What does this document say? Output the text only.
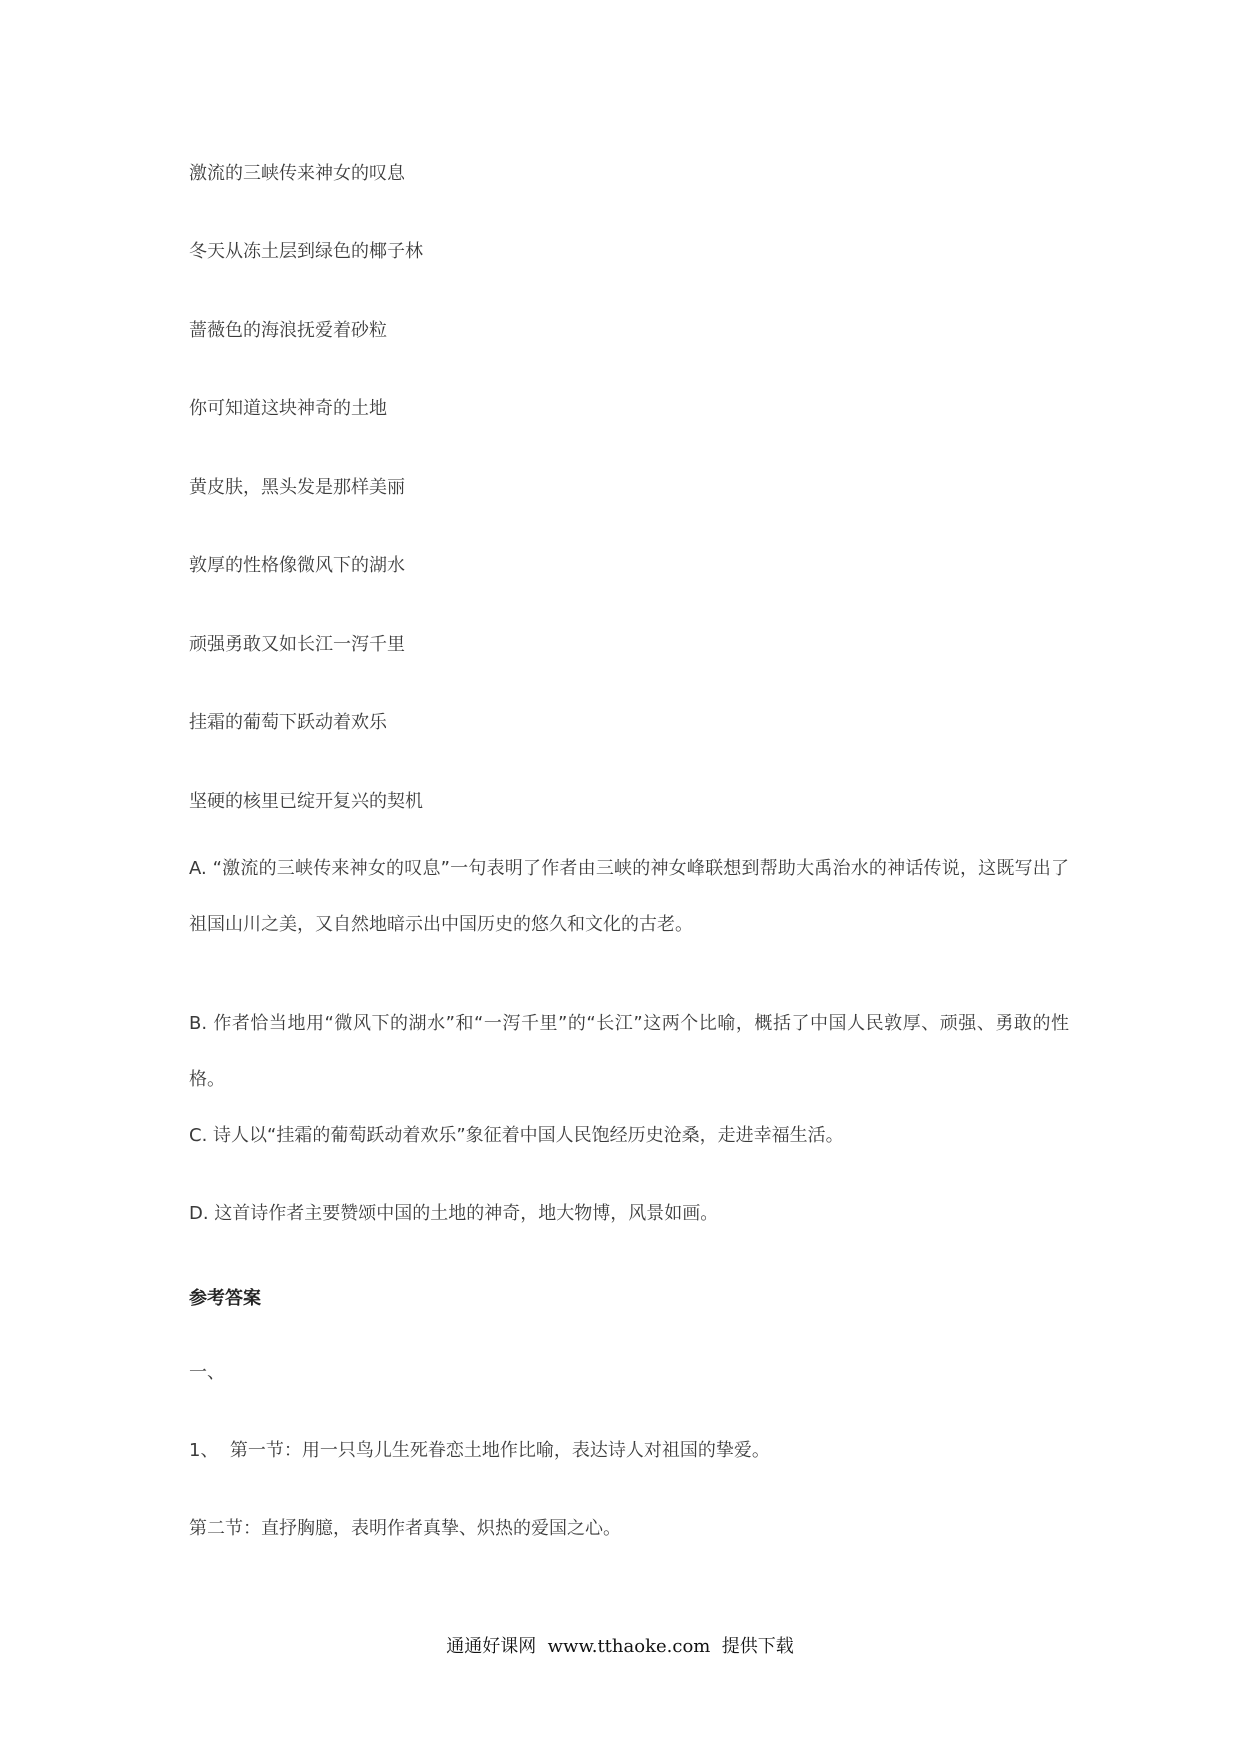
激流的三峡传来神女的叹息
冬天从冻土层到绿色的椰子林
蔷薇色的海浪抚爱着砂粒
你可知道这块神奇的土地
黄皮肤，黑头发是那样美丽
敦厚的性格像微风下的湖水
顽强勇敢又如长江一泻千里
挂霜的葡萄下跃动着欢乐
坚硬的核里已绽开复兴的契机
A. “激流的三峡传来神女的叹息”一句表明了作者由三峡的神女峰联想到帮助大禹治水的神话传说，这既写出了祖国山川之美，又自然地暗示出中国历史的悠久和文化的古老。
B. 作者恰当地用“微风下的湖水”和“一泻千里”的“长江”这两个比喻，概括了中国人民敦厚、顽强、勇敢的性格。
C. 诗人以“挂霜的葡萄跃动着欢乐”象征着中国人民饱经历史沧桑，走进幸福生活。
D. 这首诗作者主要赞颂中国的土地的神奇，地大物博，风景如画。
参考答案
一、
1、  第一节：用一只鸟儿生死眷恋土地作比喻，表达诗人对祖国的挚爱。
第二节：直抒胸臆，表明作者真挚、炽热的爱国之心。
通通好课网  www.tthaoke.com  提供下载
